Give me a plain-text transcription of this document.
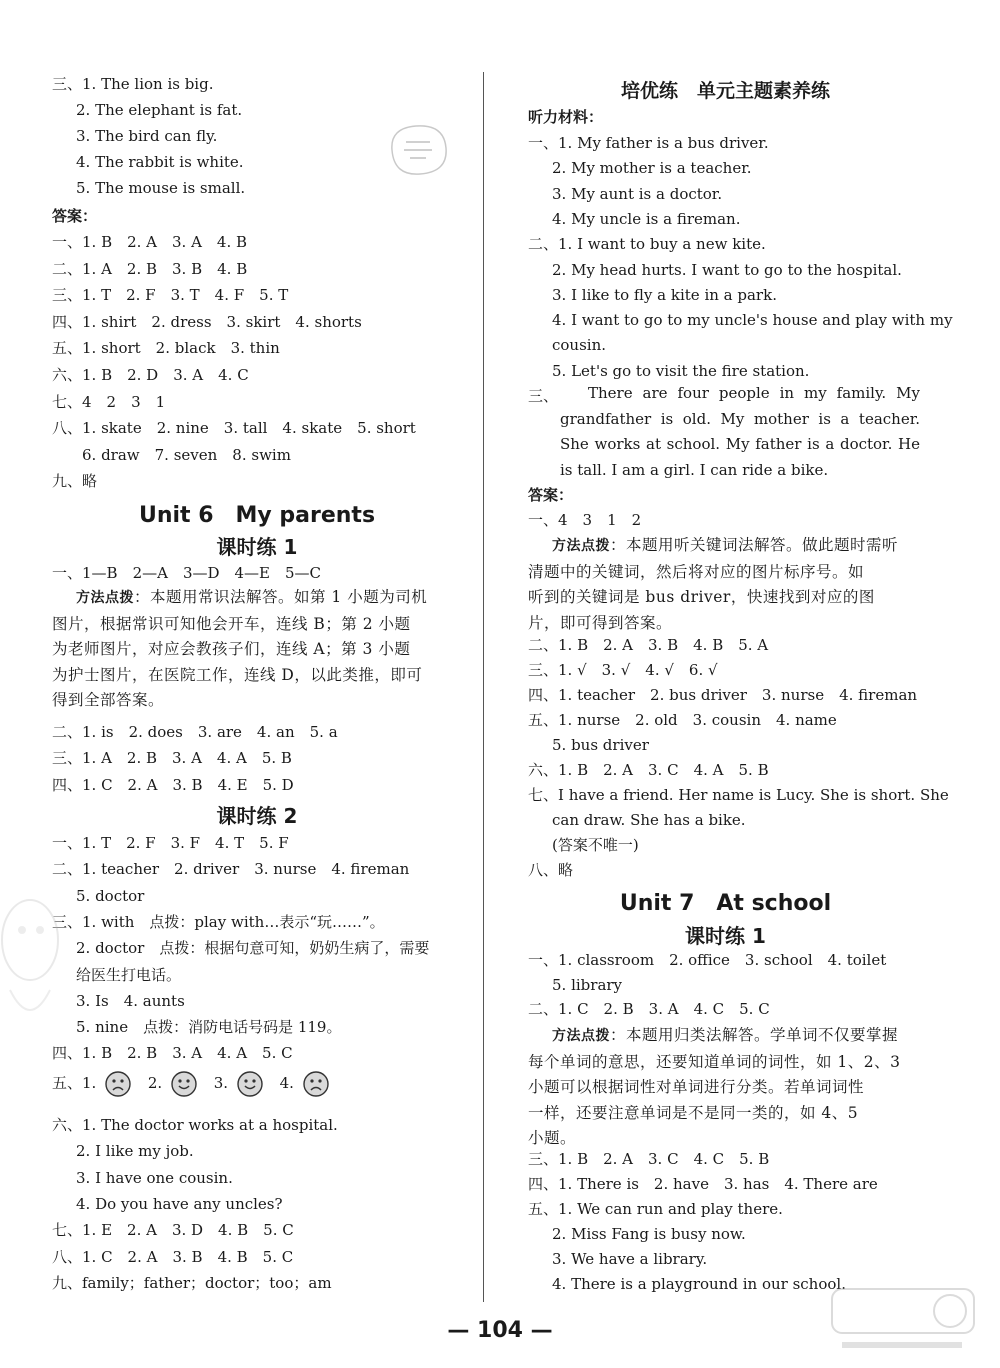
三、1. The lion is big.
2. The elephant is fat.
3. The bird can fly.
4. The rabbit is white.
5. The mouse is small.
答案：
一、1. B　2. A　3. A　4. B
二、1. A　2. B　3. B　4. B
三、1. T　2. F　3. T　4. F　5. T
四、1. shirt　2. dress　3. skirt　4. shorts
五、1. short　2. black　3. thin
六、1. B　2. D　3. A　4. C
七、4　2　3　1
八、1. skate　2. nine　3. tall　4. skate　5. short
　　6. draw　7. seven　8. swim
九、略
Unit 6　My parents
课时练 1
一、1—B　2—A　3—D　4—E　5—C
方法点拨：本题用常识法解答。如第 1 小题为司机
图片，根据常识可知他会开车，连线 B；第 2 小题
为老师图片，对应会教孩子们，连线 A；第 3 小题
为护士图片，在医院工作，连线 D，以此类推，即可
得到全部答案。
二、1. is　2. does　3. are　4. an　5. a
三、1. A　2. B　3. A　4. A　5. B
四、1. C　2. A　3. B　4. E　5. D
课时练 2
一、1. T　2. F　3. F　4. T　5. F
二、1. teacher　2. driver　3. nurse　4. fireman
5. doctor
三、1. with　点拨：play with…表示“玩……”。
2. doctor　点拨：根据句意可知，奶奶生病了，需要
给医生打电话。
3. Is　4. aunts
5. nine　点拨：消防电话号码是 119。
四、1. B　2. B　3. A　4. A　5. C
五、1.	2.	3.	4.
六、1. The doctor works at a hospital.
2. I like my job.
3. I have one cousin.
4. Do you have any uncles?
七、1. E　2. A　3. D　4. B　5. C
八、1. C　2. A　3. B　4. B　5. C
九、family；father；doctor；too；am
培优练　单元主题素养练
听力材料：
一、1. My father is a bus driver.
2. My mother is a teacher.
3. My aunt is a doctor.
4. My uncle is a fireman.
二、1. I want to buy a new kite.
2. My head hurts. I want to go to the hospital.
3. I like to fly a kite in a park.
4. I want to go to my uncle's house and play with my
cousin.
5. Let's go to visit the fire station.
三、	There are four people in my family. My grandfather is old. My mother is a teacher. She works at school. My father is a doctor. He is tall. I am a girl. I can ride a bike.
答案：
一、4　3　1　2
方法点拨：本题用听关键词法解答。做此题时需听
清题中的关键词，然后将对应的图片标序号。如
听到的关键词是 bus driver，快速找到对应的图
片，即可得到答案。
二、1. B　2. A　3. B　4. B　5. A
三、1. √　3. √　4. √　6. √
四、1. teacher　2. bus driver　3. nurse　4. fireman
五、1. nurse　2. old　3. cousin　4. name
5. bus driver
六、1. B　2. A　3. C　4. A　5. B
七、I have a friend. Her name is Lucy. She is short. She
can draw. She has a bike.
(答案不唯一)
八、略
Unit 7　At school
课时练 1
一、1. classroom　2. office　3. school　4. toilet
5. library
二、1. C　2. B　3. A　4. C　5. C
方法点拨：本题用归类法解答。学单词不仅要掌握
每个单词的意思，还要知道单词的词性，如 1、2、3
小题可以根据词性对单词进行分类。若单词词性
一样，还要注意单词是不是同一类的，如 4、5
小题。
三、1. B　2. A　3. C　4. C　5. B
四、1. There is　2. have　3. has　4. There are
五、1. We can run and play there.
2. Miss Fang is busy now.
3. We have a library.
4. There is a playground in our school.
— 104 —
